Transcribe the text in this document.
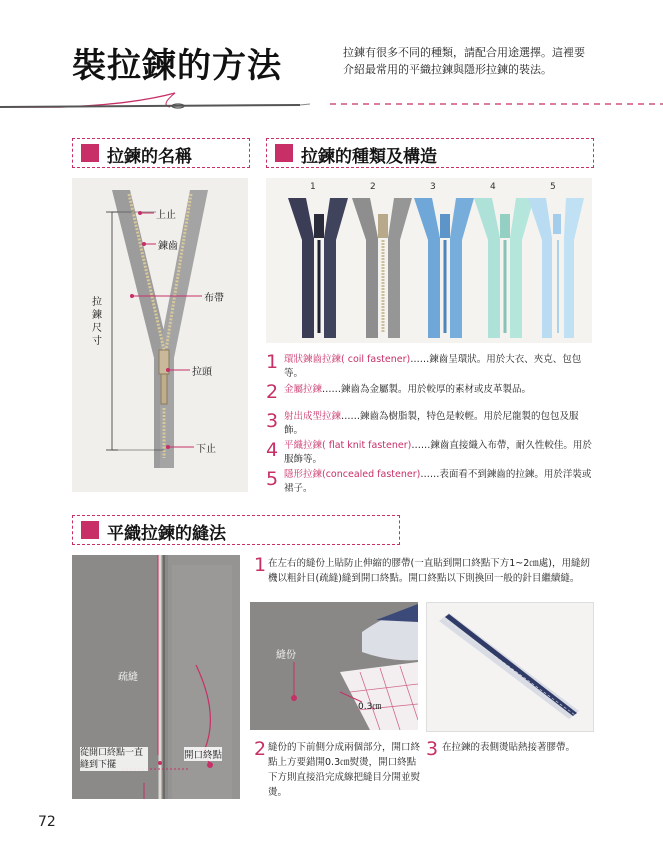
裝拉鍊的方法	拉鍊有很多不同的種類，請配合用途選擇。這裡要介紹最常用的平織拉鍊與隱形拉鍊的裝法。
拉鍊的名稱	拉鍊的種類及構造
上止
鍊齒
布帶
拉鍊尺寸
拉頭
下止
1	2	3	4	5
1 環狀鍊齒拉鍊( coil fastener)……鍊齒呈環狀。用於大衣、夾克、包包等。
2 金屬拉鍊……鍊齒為金屬製。用於較厚的素材或皮革製品。
3 射出成型拉鍊……鍊齒為樹脂製，特色是較輕。用於尼龍製的包包及服飾。
4 平織拉鍊( flat knit fastener)……鍊齒直接織入布帶，耐久性較佳。用於服飾等。
5 隱形拉鍊(concealed fastener)……表面看不到鍊齒的拉鍊。用於洋裝或裙子。
平織拉鍊的縫法
疏縫
開口終點
從開口終點一直縫到下擺
1 在左右的縫份上貼防止伸縮的膠帶(一直貼到開口終點下方1~2㎝處)，用縫紉機以粗針目(疏縫)縫到開口終點。開口終點以下則換回一般的針目繼續縫。
縫份
0.3㎝
2 縫份的下前側分成兩個部分，開口終點上方要錯開0.3㎝熨燙，開口終點下方則直接沿完成線把縫目分開並熨燙。
3 在拉鍊的表側燙貼熱接著膠帶。
72
